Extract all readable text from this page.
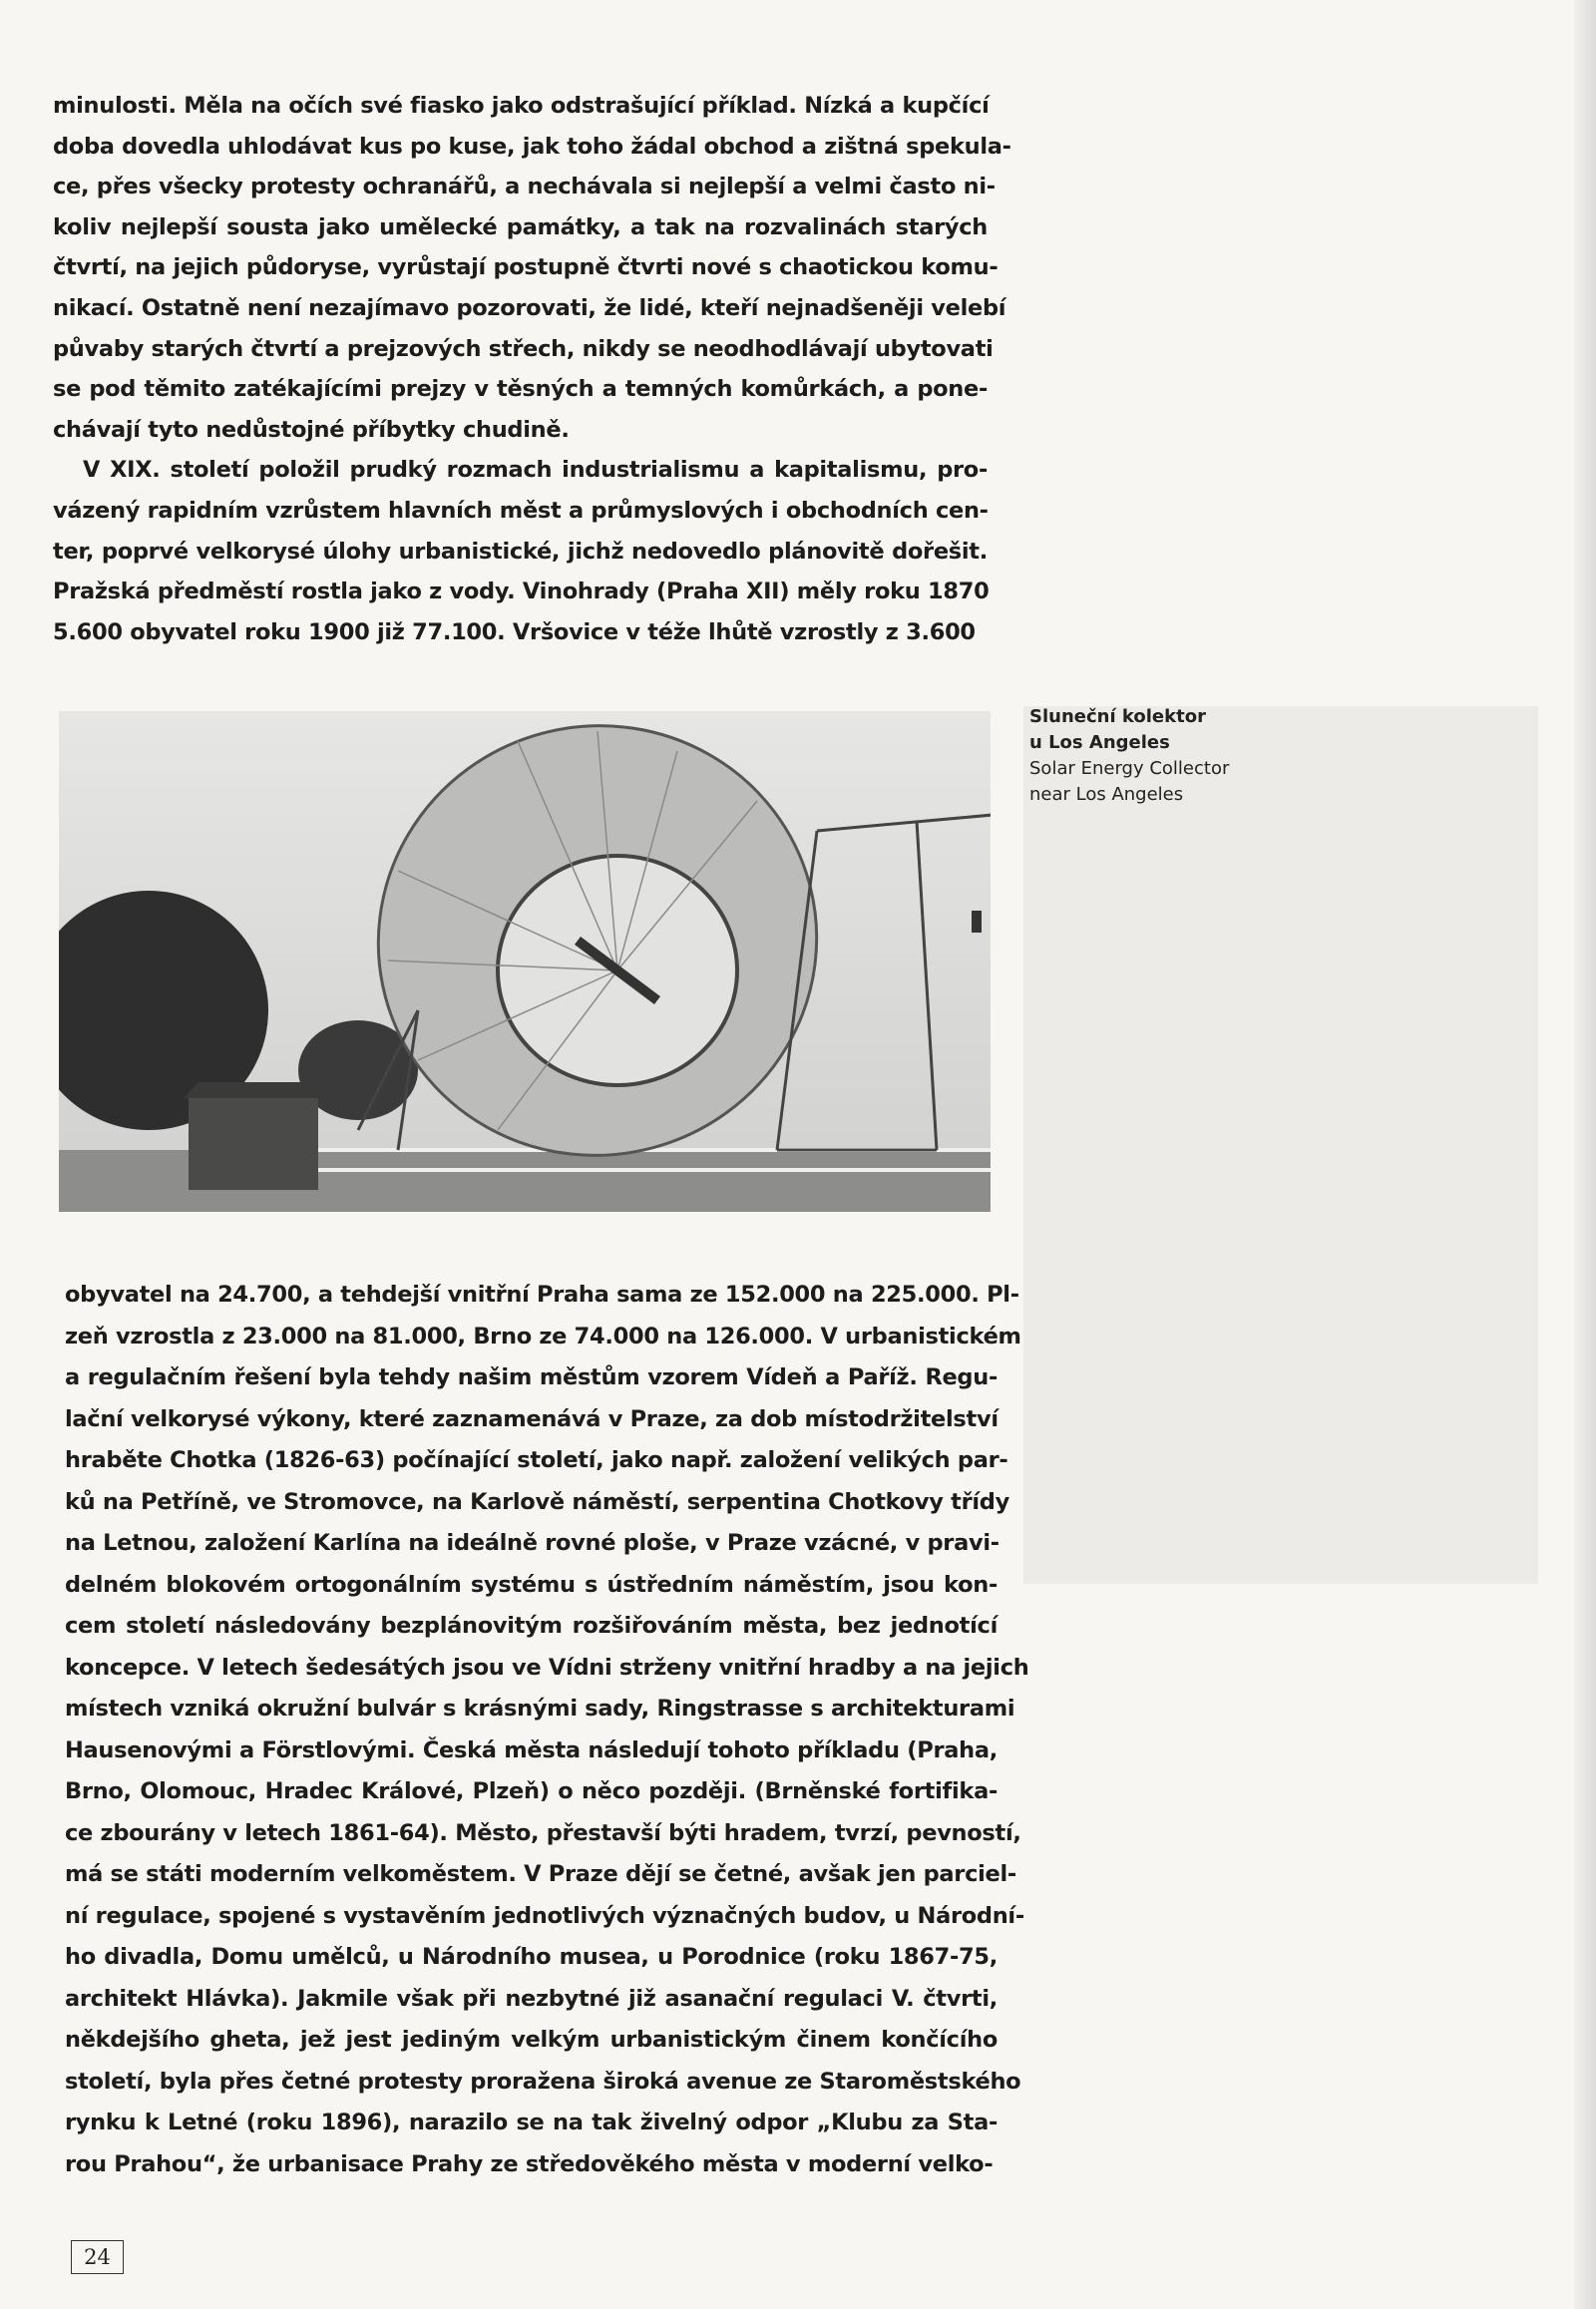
minulosti. Měla na očích své fiasko jako odstrašující příklad. Nízká a kupčící
doba dovedla uhlodávat kus po kuse, jak toho žádal obchod a zištná spekula-
ce, přes všecky protesty ochranářů, a nechávala si nejlepší a velmi často ni-
koliv nejlepší sousta jako umělecké památky, a tak na rozvalinách starých
čtvrtí, na jejich půdoryse, vyrůstají postupně čtvrti nové s chaotickou komu-
nikací. Ostatně není nezajímavo pozorovati, že lidé, kteří nejnadšeněji velebí
půvaby starých čtvrtí a prejzových střech, nikdy se neodhodlávají ubytovati
se pod těmito zatékajícími prejzy v těsných a temných komůrkách, a pone-
chávají tyto nedůstojné příbytky chudině.
V XIX. století položil prudký rozmach industrialismu a kapitalismu, pro-
vázený rapidním vzrůstem hlavních měst a průmyslových i obchodních cen-
ter, poprvé velkorysé úlohy urbanistické, jichž nedovedlo plánovitě dořešit.
Pražská předměstí rostla jako z vody. Vinohrady (Praha XII) měly roku 1870
5.600 obyvatel roku 1900 již 77.100. Vršovice v téže lhůtě vzrostly z 3.600
Sluneční kolektor
u Los Angeles
Solar Energy Collector
near Los Angeles
obyvatel na 24.700, a tehdejší vnitřní Praha sama ze 152.000 na 225.000. Pl-
zeň vzrostla z 23.000 na 81.000, Brno ze 74.000 na 126.000. V urbanistickém
a regulačním řešení byla tehdy našim městům vzorem Vídeň a Paříž. Regu-
lační velkorysé výkony, které zaznamenává v Praze, za dob místodržitelství
hraběte Chotka (1826-63) počínající století, jako např. založení velikých par-
ků na Petříně, ve Stromovce, na Karlově náměstí, serpentina Chotkovy třídy
na Letnou, založení Karlína na ideálně rovné ploše, v Praze vzácné, v pravi-
delném blokovém ortogonálním systému s ústředním náměstím, jsou kon-
cem století následovány bezplánovitým rozšiřováním města, bez jednotící
koncepce. V letech šedesátých jsou ve Vídni strženy vnitřní hradby a na jejich
místech vzniká okružní bulvár s krásnými sady, Ringstrasse s architekturami
Hausenovými a Förstlovými. Česká města následují tohoto příkladu (Praha,
Brno, Olomouc, Hradec Králové, Plzeň) o něco později. (Brněnské fortifika-
ce zbourány v letech 1861-64). Město, přestavší býti hradem, tvrzí, pevností,
má se státi moderním velkoměstem. V Praze dějí se četné, avšak jen parciel-
ní regulace, spojené s vystavěním jednotlivých význačných budov, u Národní-
ho divadla, Domu umělců, u Národního musea, u Porodnice (roku 1867-75,
architekt Hlávka). Jakmile však při nezbytné již asanační regulaci V. čtvrti,
někdejšího gheta, jež jest jediným velkým urbanistickým činem končícího
století, byla přes četné protesty proražena široká avenue ze Staroměstského
rynku k Letné (roku 1896), narazilo se na tak živelný odpor „Klubu za Sta-
rou Prahou“, že urbanisace Prahy ze středověkého města v moderní velko-
24
